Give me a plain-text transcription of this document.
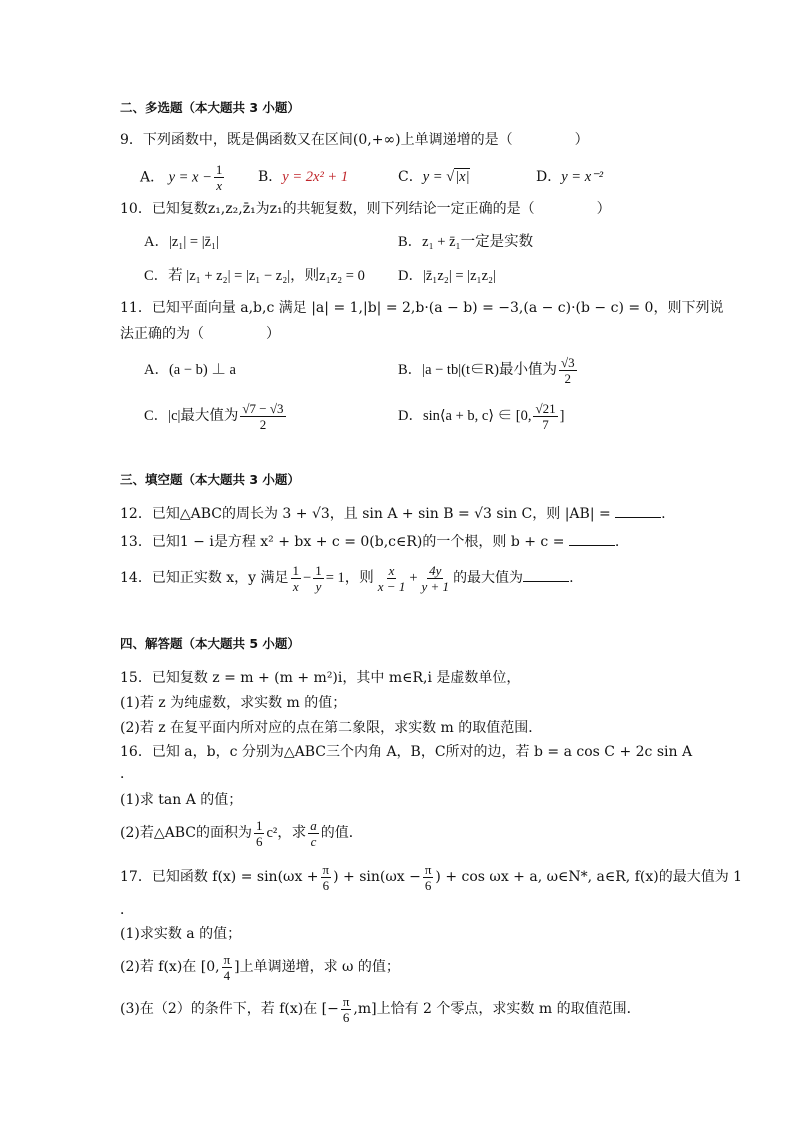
二、多选题（本大题共 3 小题）
9．下列函数中，既是偶函数又在区间(0,+∞)上单调递增的是（	）
A． $y = x - \frac{1}{x}$ B．y = 2x² + 1	C．y = √|x|	D．y = x⁻²
10．已知复数z₁,z₂,z̄₁为z₁的共轭复数，则下列结论一定正确的是（	）
A．|z₁| = |z̄₁|	B．z₁ + z̄₁一定是实数
C．若 |z₁ + z₂| = |z₁ − z₂|，则z₁z₂ = 0 D．|z̄₁z₂| = |z₁z₂|
11．已知平面向量 a,b,c 满足 |a| = 1,|b| = 2,b·(a − b) = −3,(a − c)·(b − c) = 0，则下列说
法正确的为（	）
A．(a − b) ⊥ a	B．|a − tb|(t∈R)最小值为 $\frac{√3}{2}$
C．|c|最大值为 $\frac{√7 - √3}{2}$	D．sin⟨a + b, c⟩ ∈ [0, $\frac{√21}{7}$ ]
三、填空题（本大题共 3 小题）
12．已知△ABC的周长为 3 + √3，且 sin A + sin B = √3 sin C，则 |AB| =	.
13．已知1 − i是方程 x² + bx + c = 0(b,c∈R)的一个根，则 b + c =	.
14．已知正实数 x，y 满足 $\frac{1}{x} - \frac{1}{y} = 1$，则 $\frac{x}{x - 1} + \frac{4y}{y + 1}$ 的最大值为	.
四、解答题（本大题共 5 小题）
15．已知复数 z = m + (m + m²)i，其中 m∈R,i 是虚数单位，
(1)若 z 为纯虚数，求实数 m 的值；
(2)若 z 在复平面内所对应的点在第二象限，求实数 m 的取值范围．
16．已知 a，b，c 分别为△ABC三个内角 A，B，C所对的边，若 b = a cos C + 2c sin A
．
(1)求 tan A 的值；
(2)若△ABC的面积为 $\frac{1}{6} c^2$，求 $\frac{a}{c}$ 的值．
17．已知函数 $f(x) = \sin(\omega x + \frac{\pi}{6}$ ) + $\sin(\omega x - \frac{\pi}{6}$ ) + cos ωx + a, ω∈N*, a∈R, f(x)的最大值为 1
．
(1)求实数 a 的值；
(2)若 f(x)在 [0, $\frac{\pi}{4}$ ]上单调递增，求 ω 的值；
(3)在（2）的条件下，若 f(x)在 [− $\frac{\pi}{6} ,m$]上恰有 2 个零点，求实数 m 的取值范围．
